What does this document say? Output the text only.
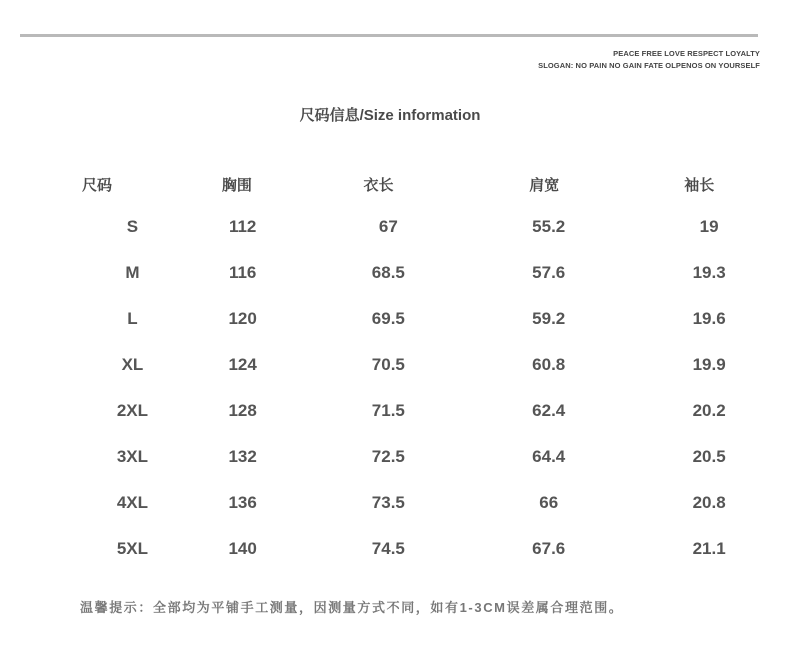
PEACE FREE LOVE RESPECT LOYALTY
SLOGAN: NO PAIN NO GAIN FATE OLPENOS ON YOURSELF
尺码信息/Size information
尺码	胸围	衣长	肩宽	袖长
S	112	67	55.2	19
M	116	68.5	57.6	19.3
L	120	69.5	59.2	19.6
XL	124	70.5	60.8	19.9
2XL	128	71.5	62.4	20.2
3XL	132	72.5	64.4	20.5
4XL	136	73.5	66	20.8
5XL	140	74.5	67.6	21.1
温馨提示：全部均为平铺手工测量，因测量方式不同，如有1-3CM误差属合理范围。
